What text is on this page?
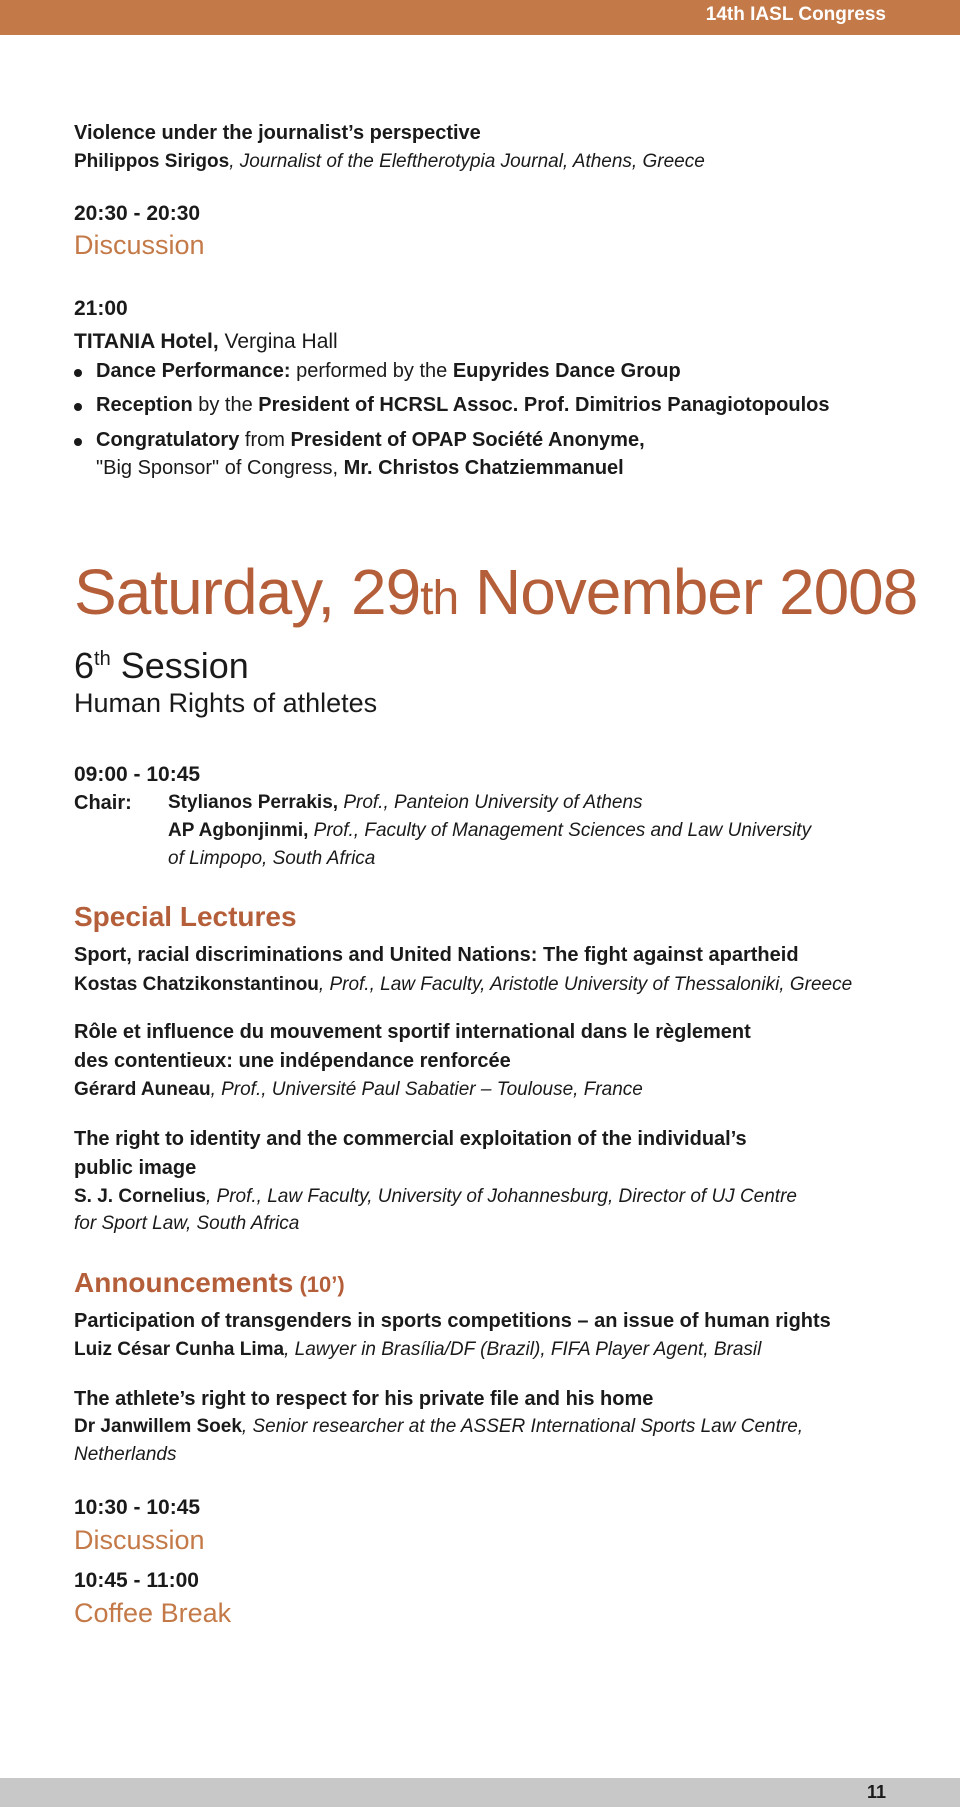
14th IASL Congress
Violence under the journalist’s perspective
Philippos Sirigos, Journalist of the Eleftherotypia Journal, Athens, Greece
20:30 - 20:30
Discussion
21:00
TITANIA Hotel, Vergina Hall
Dance Performance: performed by the Eupyrides Dance Group
Reception by the President of HCRSL Assoc. Prof. Dimitrios Panagiotopoulos
Congratulatory from President of OPAP Société Anonyme,
"Big Sponsor" of Congress, Mr. Christos Chatziemmanuel
Saturday, 29th November 2008
6th Session
Human Rights of athletes
09:00 - 10:45
Chair: Stylianos Perrakis, Prof., Panteion University of Athens
AP Agbonjinmi, Prof., Faculty of Management Sciences and Law University
of Limpopo, South Africa
Special Lectures
Sport, racial discriminations and United Nations: The fight against apartheid
Kostas Chatzikonstantinou, Prof., Law Faculty, Aristotle University of Thessaloniki, Greece
Rôle et influence du mouvement sportif international dans le règlement
des contentieux: une indépendance renforcée
Gérard Auneau, Prof., Université Paul Sabatier – Toulouse, France
The right to identity and the commercial exploitation of the individual’s
public image
S. J. Cornelius, Prof., Law Faculty, University of Johannesburg, Director of UJ Centre
for Sport Law, South Africa
Announcements (10’)
Participation of transgenders in sports competitions – an issue of human rights
Luiz César Cunha Lima, Lawyer in Brasília/DF (Brazil), FIFA Player Agent, Brasil
The athlete’s right to respect for his private file and his home
Dr Janwillem Soek, Senior researcher at the ASSER International Sports Law Centre,
Netherlands
10:30 - 10:45
Discussion
10:45 - 11:00
Coffee Break
11
